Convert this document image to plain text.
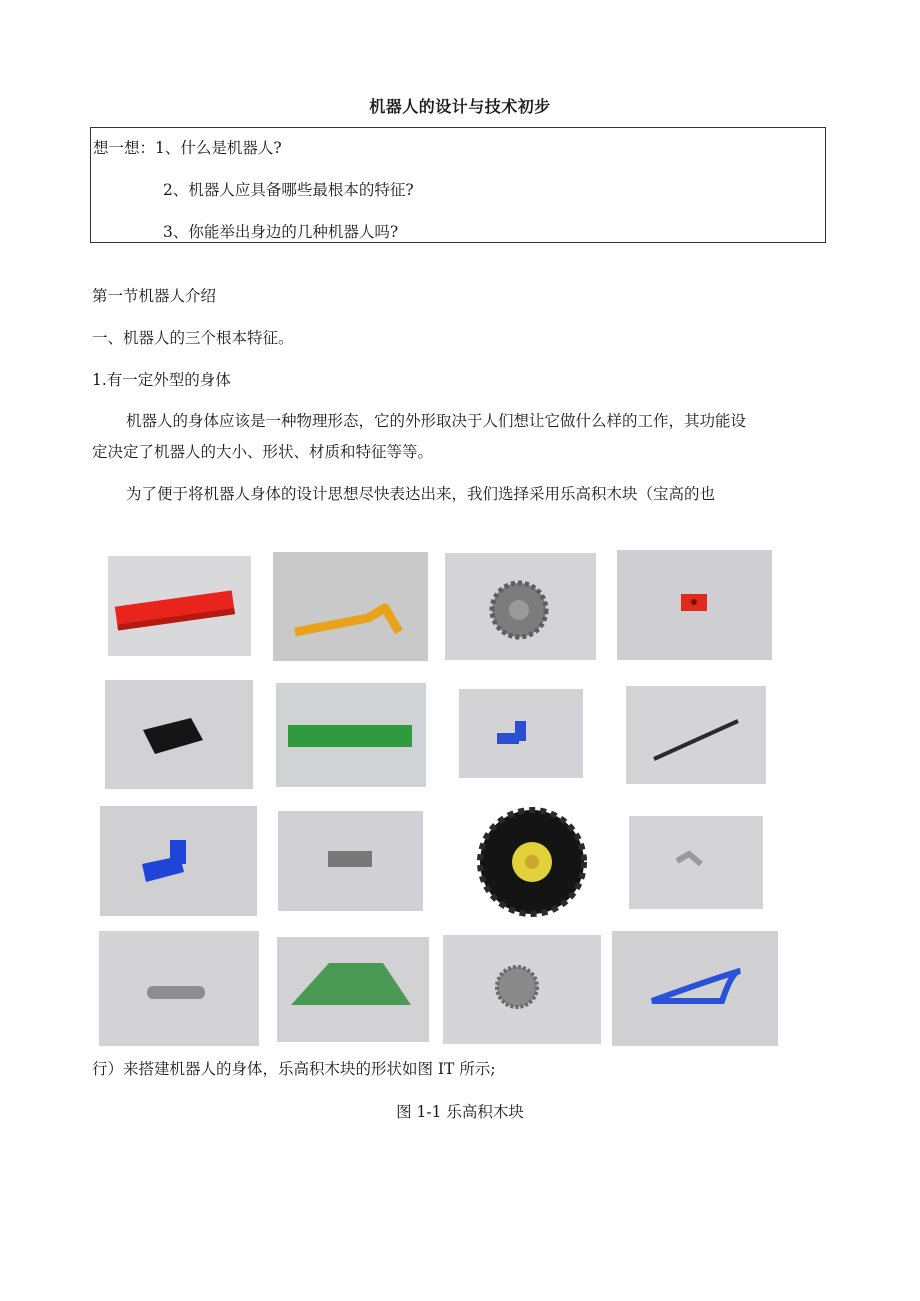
机器人的设计与技术初步
想一想：1、什么是机器人?
2、机器人应具备哪些最根本的特征?
3、你能举出身边的几种机器人吗?
第一节机器人介绍
一、机器人的三个根本特征。
1.有一定外型的身体
机器人的身体应该是一种物理形态，它的外形取决于人们想让它做什么样的工作，其功能设
定决定了机器人的大小、形状、材质和特征等等。
为了便于将机器人身体的设计思想尽快表达出来，我们选择采用乐高积木块（宝高的也
行）来搭建机器人的身体，乐高积木块的形状如图 IT 所示;
图 1-1 乐高积木块
